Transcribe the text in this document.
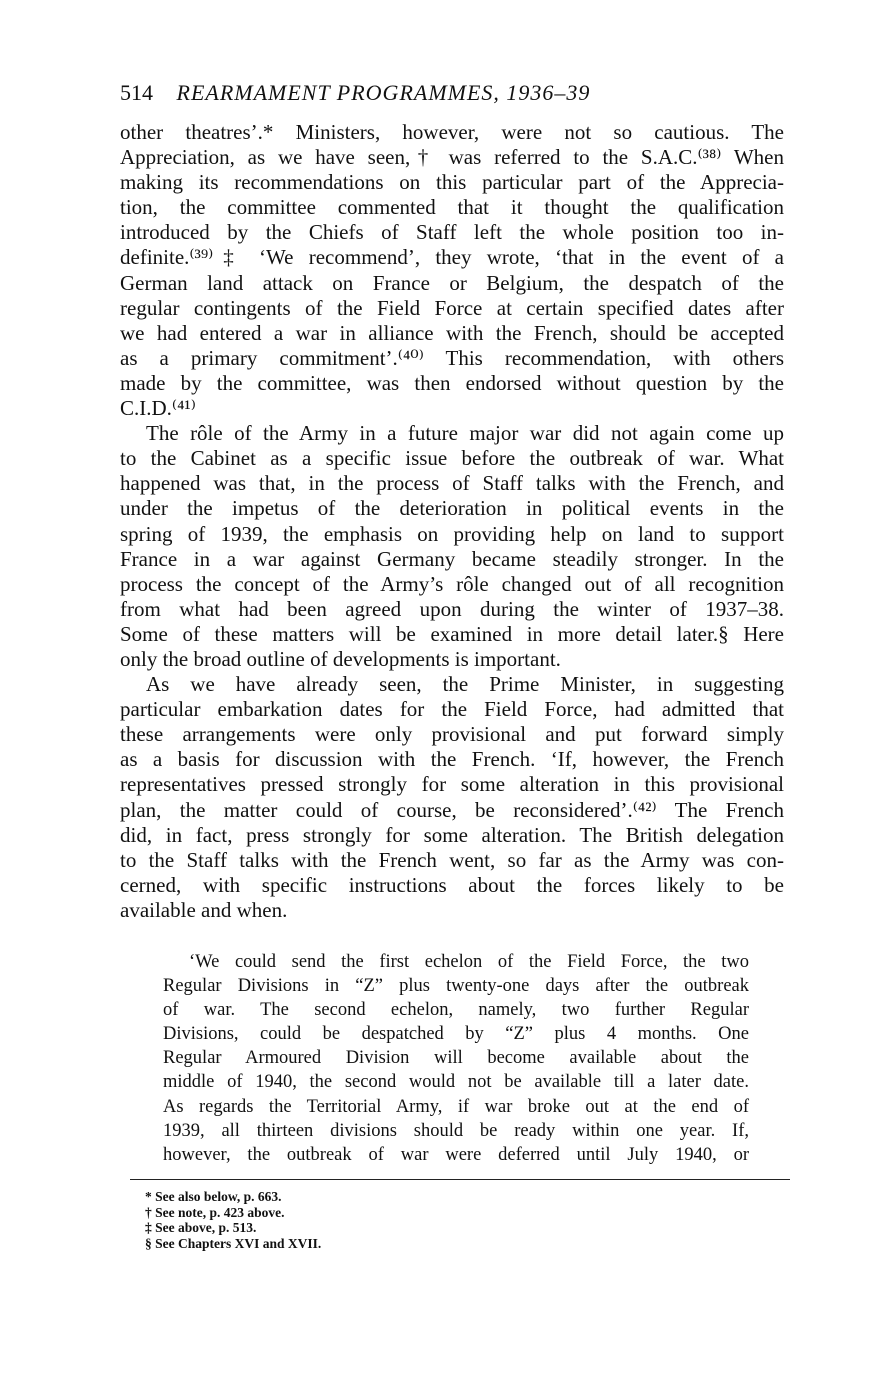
514 REARMAMENT PROGRAMMES, 1936–39
other theatres’.* Ministers, however, were not so cautious. The
Appreciation, as we have seen,† was referred to the S.A.C.⁽³⁸⁾ When
making its recommendations on this particular part of the Apprecia-
tion, the committee commented that it thought the qualification
introduced by the Chiefs of Staff left the whole position too in-
definite.⁽³⁹⁾‡ ‘We recommend’, they wrote, ‘that in the event of a
German land attack on France or Belgium, the despatch of the
regular contingents of the Field Force at certain specified dates after
we had entered a war in alliance with the French, should be accepted
as a primary commitment’.⁽⁴⁰⁾ This recommendation, with others
made by the committee, was then endorsed without question by the
C.I.D.⁽⁴¹⁾
The rôle of the Army in a future major war did not again come up
to the Cabinet as a specific issue before the outbreak of war. What
happened was that, in the process of Staff talks with the French, and
under the impetus of the deterioration in political events in the
spring of 1939, the emphasis on providing help on land to support
France in a war against Germany became steadily stronger. In the
process the concept of the Army’s rôle changed out of all recognition
from what had been agreed upon during the winter of 1937–38.
Some of these matters will be examined in more detail later.§ Here
only the broad outline of developments is important.
As we have already seen, the Prime Minister, in suggesting
particular embarkation dates for the Field Force, had admitted that
these arrangements were only provisional and put forward simply
as a basis for discussion with the French. ‘If, however, the French
representatives pressed strongly for some alteration in this provisional
plan, the matter could of course, be reconsidered’.⁽⁴²⁾ The French
did, in fact, press strongly for some alteration. The British delegation
to the Staff talks with the French went, so far as the Army was con-
cerned, with specific instructions about the forces likely to be
available and when.
‘We could send the first echelon of the Field Force, the two
Regular Divisions in “Z” plus twenty-one days after the outbreak
of war. The second echelon, namely, two further Regular
Divisions, could be despatched by “Z” plus 4 months. One
Regular Armoured Division will become available about the
middle of 1940, the second would not be available till a later date.
As regards the Territorial Army, if war broke out at the end of
1939, all thirteen divisions should be ready within one year. If,
however, the outbreak of war were deferred until July 1940, or
* See also below, p. 663.
† See note, p. 423 above.
‡ See above, p. 513.
§ See Chapters XVI and XVII.
